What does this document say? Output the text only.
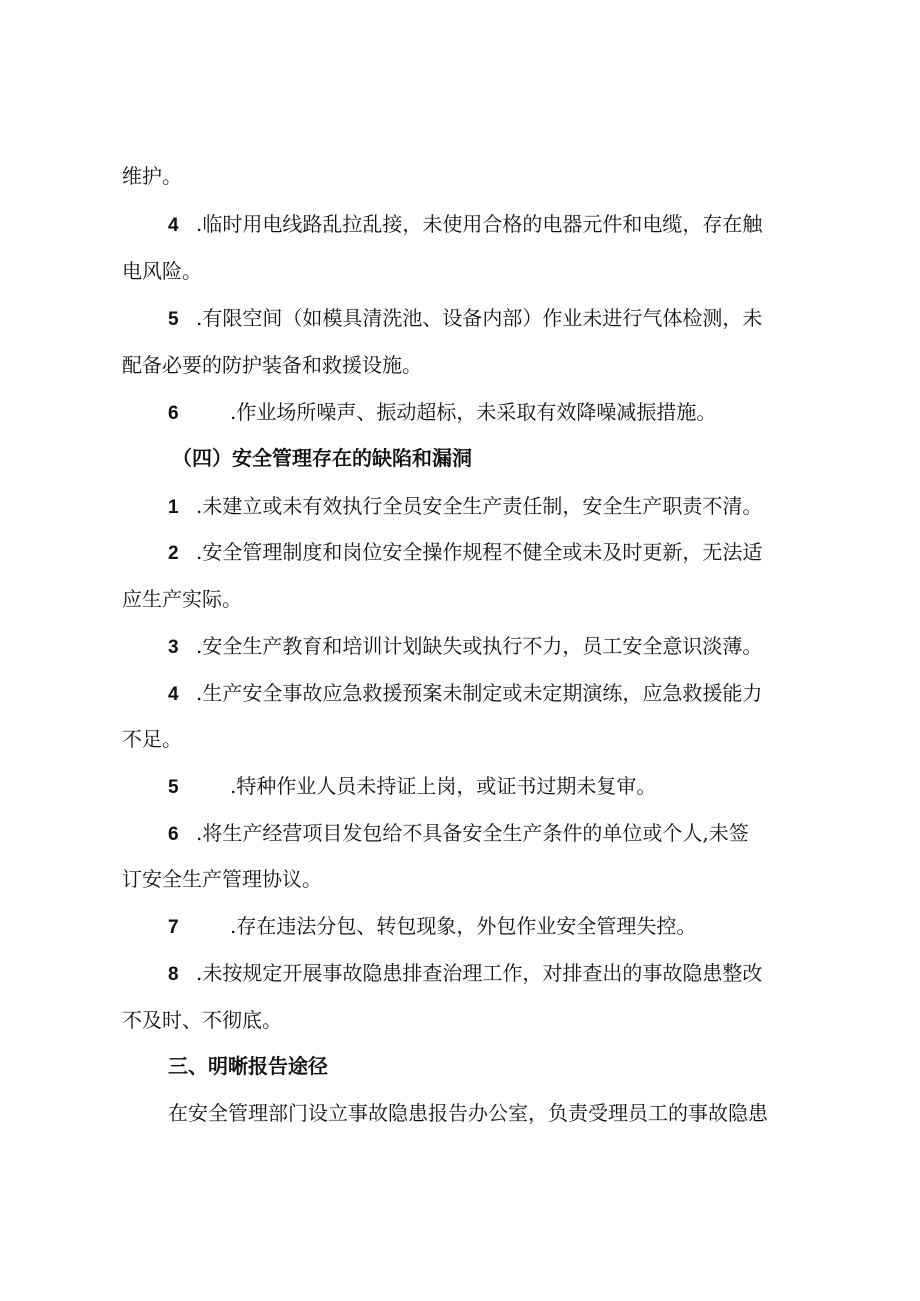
维护。

4 .临时用电线路乱拉乱接，未使用合格的电器元件和电缆，存在触

电风险。

5 .有限空间（如模具清洗池、设备内部）作业未进行气体检测，未

配备必要的防护装备和救援设施。

6	.作业场所噪声、振动超标，未采取有效降噪减振措施。

（四）安全管理存在的缺陷和漏洞

1 .未建立或未有效执行全员安全生产责任制，安全生产职责不清。

2 .安全管理制度和岗位安全操作规程不健全或未及时更新，无法适

应生产实际。

3 .安全生产教育和培训计划缺失或执行不力，员工安全意识淡薄。

4 .生产安全事故应急救援预案未制定或未定期演练，应急救援能力

不足。

5	.特种作业人员未持证上岗，或证书过期未复审。

6 .将生产经营项目发包给不具备安全生产条件的单位或个人,未签

订安全生产管理协议。

7	.存在违法分包、转包现象，外包作业安全管理失控。

8 .未按规定开展事故隐患排查治理工作，对排查出的事故隐患整改

不及时、不彻底。

三、明晰报告途径

在安全管理部门设立事故隐患报告办公室，负责受理员工的事故隐患
